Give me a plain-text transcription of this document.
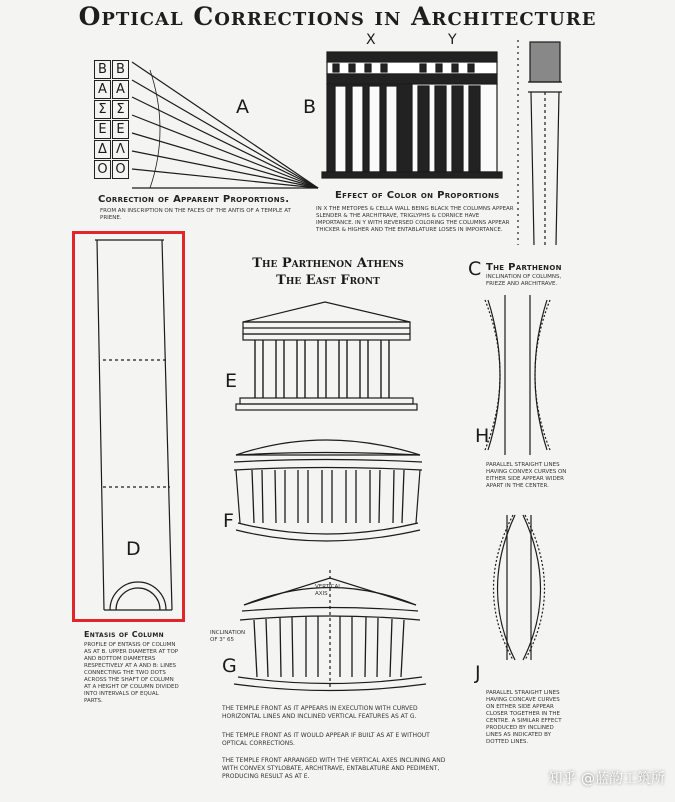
Optical Corrections in Architecture
B B
A A
Σ Σ
E E
Δ Λ
O O
A	B
X	Y
C
D
E
F
G
H
J
Correction of Apparent Proportions.
FROM AN INSCRIPTION ON THE FACES OF THE ANTIS OF A TEMPLE AT PRIENE.
Effect of Color on Proportions
IN X THE METOPES & CELLA WALL BEING BLACK THE COLUMNS APPEAR SLENDER & THE ARCHITRAVE, TRIGLYPHS & CORNICE HAVE IMPORTANCE. IN Y WITH REVERSED COLORING THE COLUMNS APPEAR THICKER & HIGHER AND THE ENTABLATURE LOSES IN IMPORTANCE.
The Parthenon Athens
The East Front
The Parthenon
INCLINATION OF COLUMNS, FRIEZE AND ARCHITRAVE.
Entasis of Column
PROFILE OF ENTASIS OF COLUMN AS AT B. UPPER DIAMETER AT TOP AND BOTTOM DIAMETERS RESPECTIVELY AT A AND B: LINES CONNECTING THE TWO DOTS ACROSS THE SHAFT OF COLUMN AT A HEIGHT OF COLUMN DIVIDED INTO INTERVALS OF EQUAL PARTS.
THE TEMPLE FRONT AS IT APPEARS IN EXECUTION WITH CURVED HORIZONTAL LINES AND INCLINED VERTICAL FEATURES AS AT G.
THE TEMPLE FRONT AS IT WOULD APPEAR IF BUILT AS AT E WITHOUT OPTICAL CORRECTIONS.
THE TEMPLE FRONT ARRANGED WITH THE VERTICAL AXES INCLINING AND WITH CONVEX STYLOBATE, ARCHITRAVE, ENTABLATURE AND PEDIMENT, PRODUCING RESULT AS AT E.
PARALLEL STRAIGHT LINES HAVING CONVEX CURVES ON EITHER SIDE APPEAR WIDER APART IN THE CENTER.
PARALLEL STRAIGHT LINES HAVING CONCAVE CURVES ON EITHER SIDE APPEAR CLOSER TOGETHER IN THE CENTRE. A SIMILAR EFFECT PRODUCED BY INCLINED LINES AS INDICATED BY DOTTED LINES.
INCLINATION OF 3" 65
VERTICAL AXIS
知乎 @蓝韵工筑所
